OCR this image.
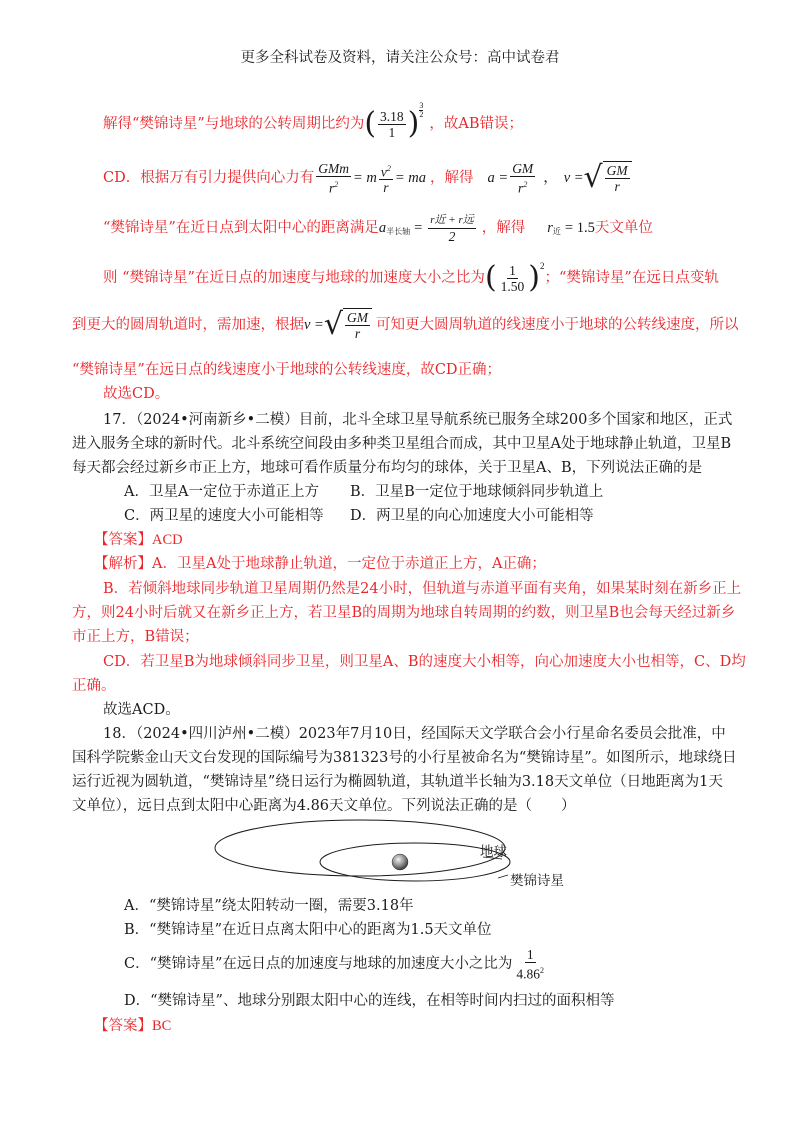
更多全科试卷及资料，请关注公众号：高中试卷君
解得“樊锦诗星”与地球的公转周期比约为 ( $\frac{3.18}{1}$ )
3
2
，故AB错误；
CD．根据万有引力提供向心力有 $\frac{\text{GMm}}{r^2} = m \frac{v^2}{r}$ = ma ，解得 $a = \frac{GM}{r^2}$ ， v = √ $\frac{GM}{r}$
“樊锦诗星”在近日点到太阳中心的距离满足 a 半长轴 = $\frac{\text{r近 + r远}}{2}$ ，解得 r 近 = 1.5 天文单位
则 “樊锦诗星”在近日点的加速度与地球的加速度大小之比为 ( $\frac{1}{1.50}$ ) 2
；“樊锦诗星”在远日点变轨
到更大的圆周轨道时，需加速，根据 v = √ $\frac{GM}{r}$ 可知更大圆周轨道的线速度小于地球的公转线速度，所以
“樊锦诗星”在远日点的线速度小于地球的公转线速度，故CD正确；
故选CD。
17．（2024•河南新乡•二模）目前，北斗全球卫星导航系统已服务全球200多个国家和地区，正式
进入服务全球的新时代。北斗系统空间段由多种类卫星组合而成，其中卫星A处于地球静止轨道，卫星B
每天都会经过新乡市正上方，地球可看作质量分布均匀的球体，关于卫星A、B，下列说法正确的是
A．卫星A一定位于赤道正上方 B．卫星B一定位于地球倾斜同步轨道上
C．两卫星的速度大小可能相等 D．两卫星的向心加速度大小可能相等
【答案】ACD
【解析】A．卫星A处于地球静止轨道，一定位于赤道正上方，A正确；
B．若倾斜地球同步轨道卫星周期仍然是24小时，但轨道与赤道平面有夹角，如果某时刻在新乡正上
方，则24小时后就又在新乡正上方，若卫星B的周期为地球自转周期的约数，则卫星B也会每天经过新乡
市正上方，B错误；
CD．若卫星B为地球倾斜同步卫星，则卫星A、B的速度大小相等，向心加速度大小也相等，C、D均
正确。
故选ACD。
18．（2024•四川泸州•二模）2023年7月10日，经国际天文学联合会小行星命名委员会批准，中
国科学院紫金山天文台发现的国际编号为381323号的小行星被命名为“樊锦诗星”。如图所示，地球绕日
运行近视为圆轨道，“樊锦诗星”绕日运行为椭圆轨道，其轨道半长轴为3.18天文单位（日地距离为1天
文单位），远日点到太阳中心距离为4.86天文单位。下列说法正确的是（　　）
地球
樊锦诗星
A．“樊锦诗星”绕太阳转动一圈，需要3.18年
B．“樊锦诗星”在近日点离太阳中心的距离为1.5天文单位
C．“樊锦诗星”在远日点的加速度与地球的加速度大小之比为 $\frac{1}{4.86^2}$
D．“樊锦诗星”、地球分别跟太阳中心的连线，在相等时间内扫过的面积相等
【答案】BC
